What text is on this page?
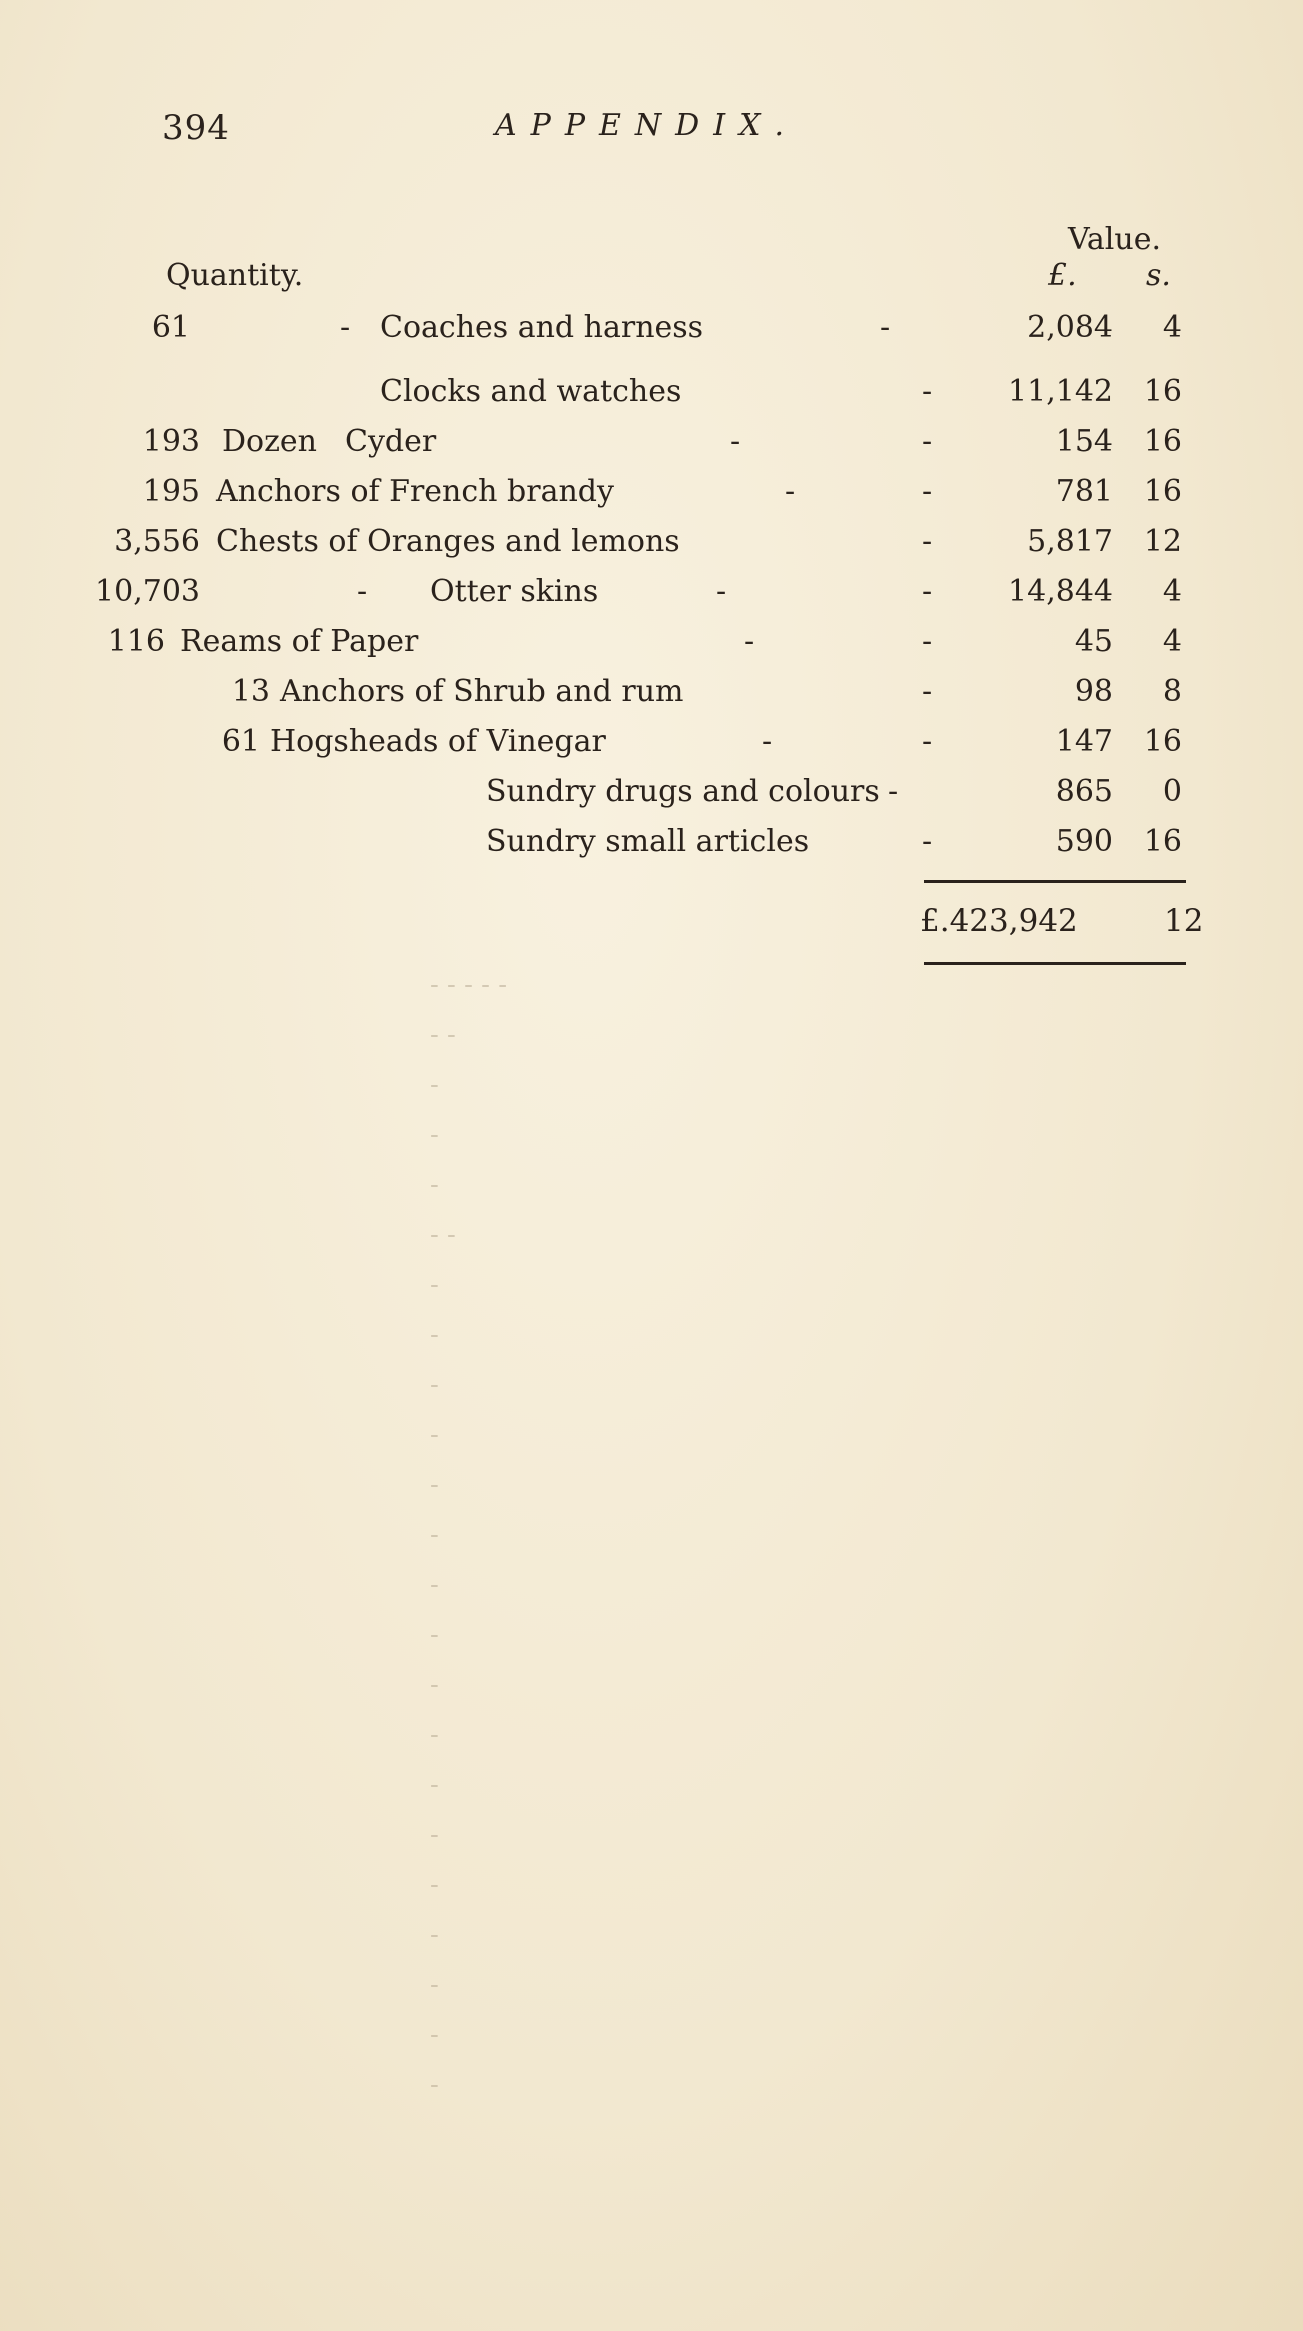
394	APPENDIX.
Value.
Quantity.	£. s.
61	- Coaches and harness	-	2,084	4
Clocks and watches	-	11,142 16
193 Dozen Cyder	-	-	154 16
195 Anchors of French brandy	-	-	781 16
3,556 Chests of Oranges and lemons	-	5,817 12
10,703	- Otter skins	-	-	14,844	4
116 Reams of Paper	-	-	45	4
13 Anchors of Shrub and rum	-	98	8
61 Hogsheads of Vinegar	-	-	147 16
Sundry drugs and colours -	865	0
Sundry small articles	-	590 16
£.423,942	12
- - - - -
- -
-
-
-
- -
-
-
-
-
-
-
-
-
-
-
-
-
-
-
-
-
-
